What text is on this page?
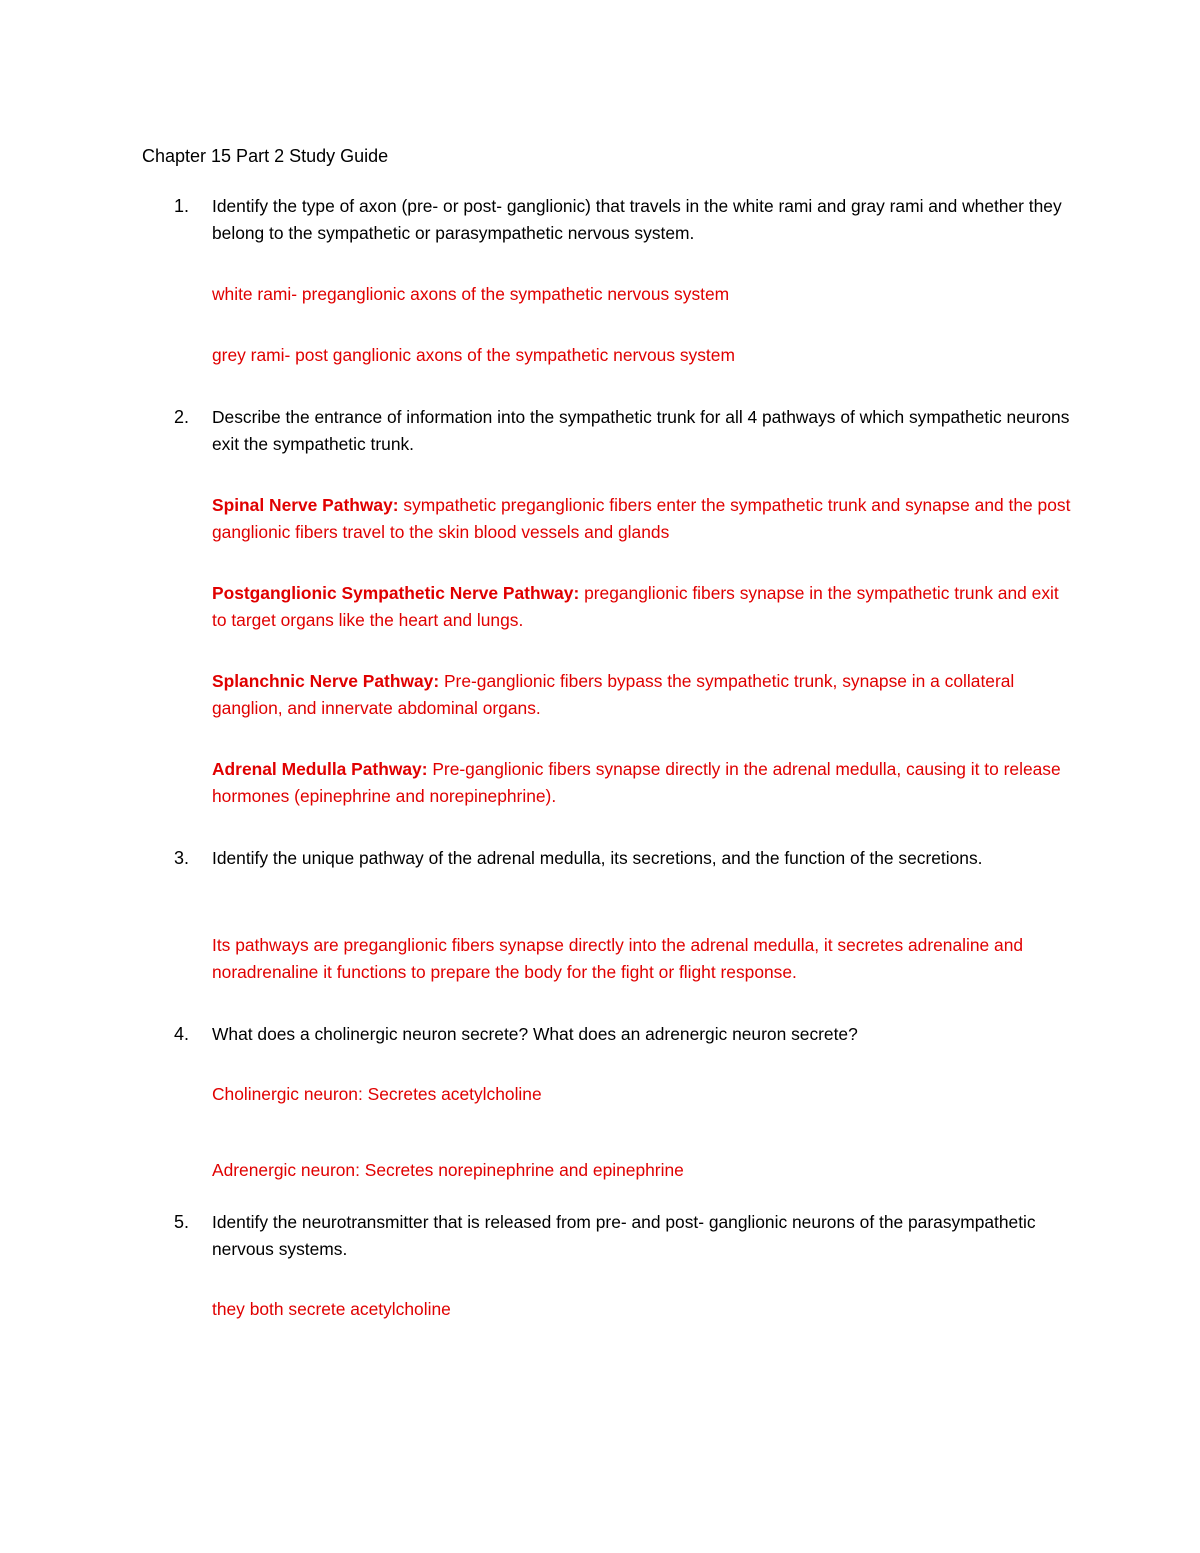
Chapter 15 Part 2 Study Guide
1. Identify the type of axon (pre- or post- ganglionic) that travels in the white rami and gray rami and whether they belong to the sympathetic or parasympathetic nervous system.
white rami- preganglionic axons of the sympathetic nervous system
grey rami- post ganglionic axons of the sympathetic nervous system
2. Describe the entrance of information into the sympathetic trunk for all 4 pathways of which sympathetic neurons exit the sympathetic trunk.
Spinal Nerve Pathway: sympathetic preganglionic fibers enter the sympathetic trunk and synapse and the post ganglionic fibers travel to the skin blood vessels and glands
Postganglionic Sympathetic Nerve Pathway: preganglionic fibers synapse in the sympathetic trunk and exit to target organs like the heart and lungs.
Splanchnic Nerve Pathway: Pre-ganglionic fibers bypass the sympathetic trunk, synapse in a collateral ganglion, and innervate abdominal organs.
Adrenal Medulla Pathway: Pre-ganglionic fibers synapse directly in the adrenal medulla, causing it to release hormones (epinephrine and norepinephrine).
3. Identify the unique pathway of the adrenal medulla, its secretions, and the function of the secretions.
Its pathways are preganglionic fibers synapse directly into the adrenal medulla, it secretes adrenaline and noradrenaline it functions to prepare the body for the fight or flight response.
4. What does a cholinergic neuron secrete? What does an adrenergic neuron secrete?
Cholinergic neuron: Secretes acetylcholine
Adrenergic neuron: Secretes norepinephrine and epinephrine
5. Identify the neurotransmitter that is released from pre- and post- ganglionic neurons of the parasympathetic nervous systems.
they both secrete acetylcholine
